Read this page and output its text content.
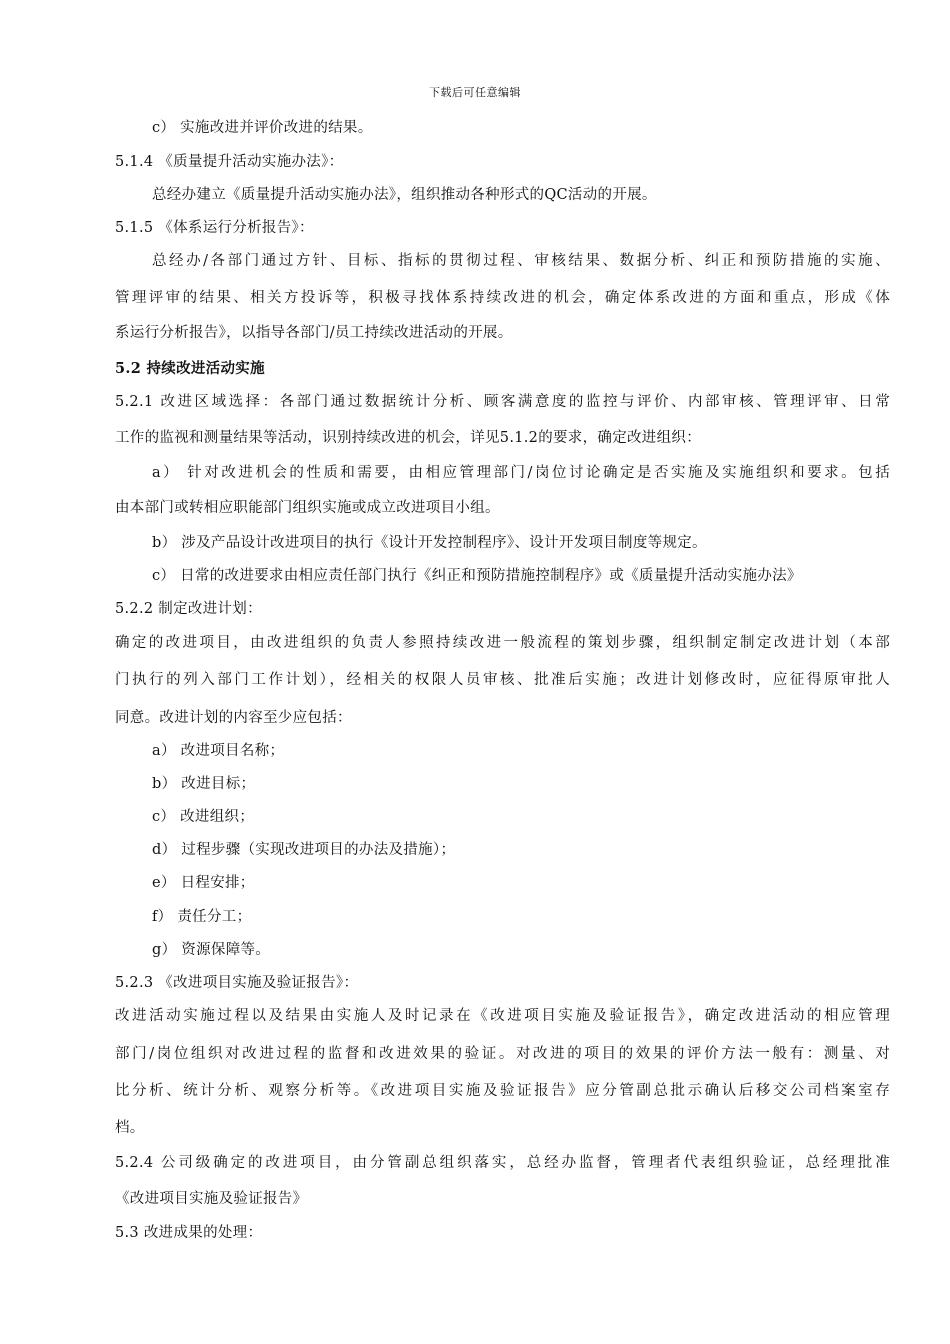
下载后可任意编辑
c） 实施改进并评价改进的结果。
5.1.4 《质量提升活动实施办法》：
总经办建立《质量提升活动实施办法》，组织推动各种形式的QC活动的开展。
5.1.5 《体系运行分析报告》：
总经办/各部门通过方针、目标、指标的贯彻过程、审核结果、数据分析、纠正和预防措施的实施、
管理评审的结果、相关方投诉等，积极寻找体系持续改进的机会，确定体系改进的方面和重点，形成《体
系运行分析报告》，以指导各部门/员工持续改进活动的开展。
5.2 持续改进活动实施
5.2.1 改进区域选择：各部门通过数据统计分析、顾客满意度的监控与评价、内部审核、管理评审、日常
工作的监视和测量结果等活动，识别持续改进的机会，详见5.1.2的要求，确定改进组织：
a） 针对改进机会的性质和需要，由相应管理部门/岗位讨论确定是否实施及实施组织和要求。包括
由本部门或转相应职能部门组织实施或成立改进项目小组。
b） 涉及产品设计改进项目的执行《设计开发控制程序》、设计开发项目制度等规定。
c） 日常的改进要求由相应责任部门执行《纠正和预防措施控制程序》或《质量提升活动实施办法》
5.2.2 制定改进计划：
确定的改进项目，由改进组织的负责人参照持续改进一般流程的策划步骤，组织制定制定改进计划（本部
门执行的列入部门工作计划），经相关的权限人员审核、批准后实施；改进计划修改时，应征得原审批人
同意。改进计划的内容至少应包括：
a） 改进项目名称；
b） 改进目标；
c） 改进组织；
d） 过程步骤（实现改进项目的办法及措施）；
e） 日程安排；
f） 责任分工；
g） 资源保障等。
5.2.3 《改进项目实施及验证报告》：
改进活动实施过程以及结果由实施人及时记录在《改进项目实施及验证报告》，确定改进活动的相应管理
部门/岗位组织对改进过程的监督和改进效果的验证。对改进的项目的效果的评价方法一般有：测量、对
比分析、统计分析、观察分析等。《改进项目实施及验证报告》应分管副总批示确认后移交公司档案室存
档。
5.2.4 公司级确定的改进项目，由分管副总组织落实，总经办监督，管理者代表组织验证，总经理批准
《改进项目实施及验证报告》
5.3 改进成果的处理：
